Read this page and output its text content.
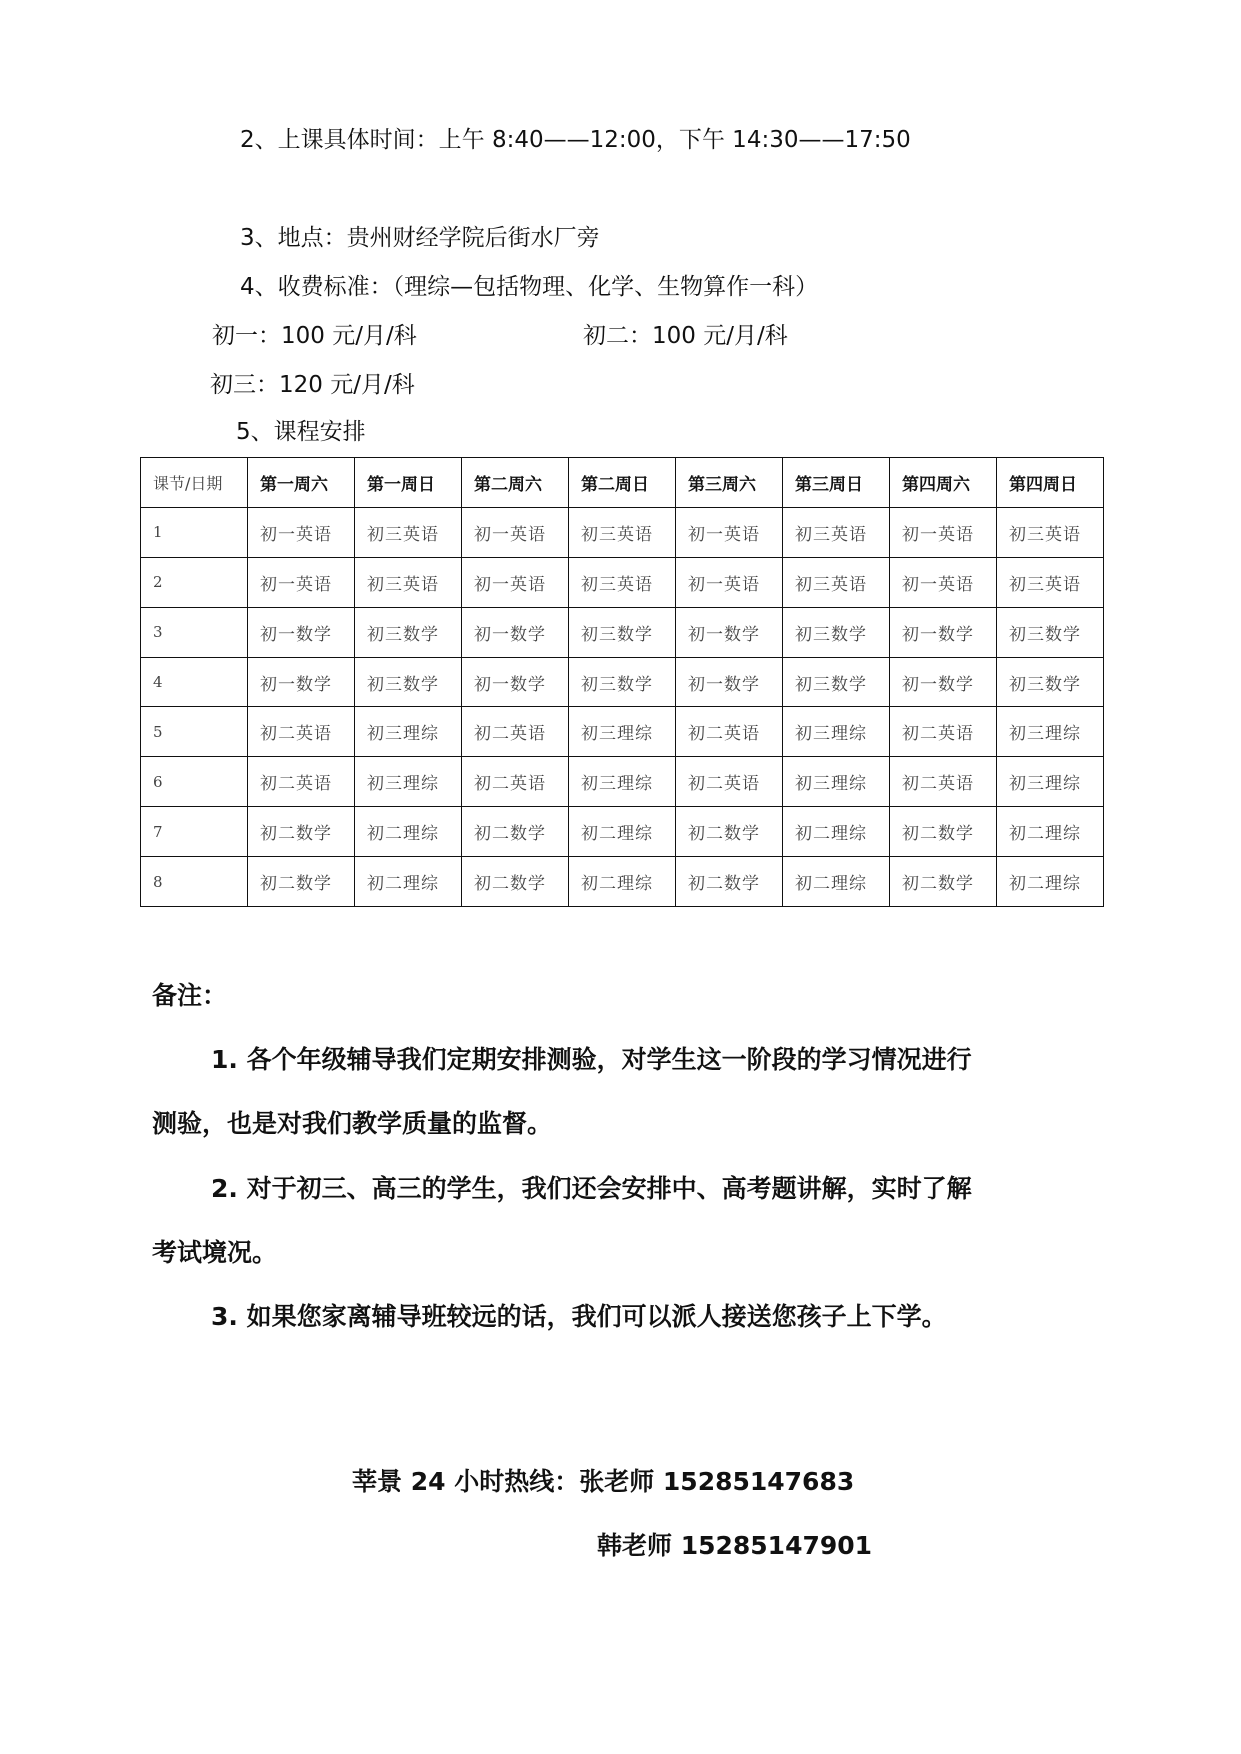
2、上课具体时间：上午 8:40——12:00，下午 14:30——17:50
3、地点：贵州财经学院后街水厂旁
4、收费标准：（理综—包括物理、化学、生物算作一科）
初一：100 元/月/科	初二：100 元/月/科
初三：120 元/月/科
5、课程安排
课节/日期	第一周六	第一周日	第二周六	第二周日	第三周六	第三周日	第四周六	第四周日
1	初一英语	初三英语	初一英语	初三英语	初一英语	初三英语	初一英语	初三英语
2	初一英语	初三英语	初一英语	初三英语	初一英语	初三英语	初一英语	初三英语
3	初一数学	初三数学	初一数学	初三数学	初一数学	初三数学	初一数学	初三数学
4	初一数学	初三数学	初一数学	初三数学	初一数学	初三数学	初一数学	初三数学
5	初二英语	初三理综	初二英语	初三理综	初二英语	初三理综	初二英语	初三理综
6	初二英语	初三理综	初二英语	初三理综	初二英语	初三理综	初二英语	初三理综
7	初二数学	初二理综	初二数学	初二理综	初二数学	初二理综	初二数学	初二理综
8	初二数学	初二理综	初二数学	初二理综	初二数学	初二理综	初二数学	初二理综
备注：
1. 各个年级辅导我们定期安排测验，对学生这一阶段的学习情况进行
测验，也是对我们教学质量的监督。
2. 对于初三、高三的学生，我们还会安排中、高考题讲解，实时了解
考试境况。
3. 如果您家离辅导班较远的话，我们可以派人接送您孩子上下学。
莘景 24 小时热线：张老师 15285147683
韩老师 15285147901
